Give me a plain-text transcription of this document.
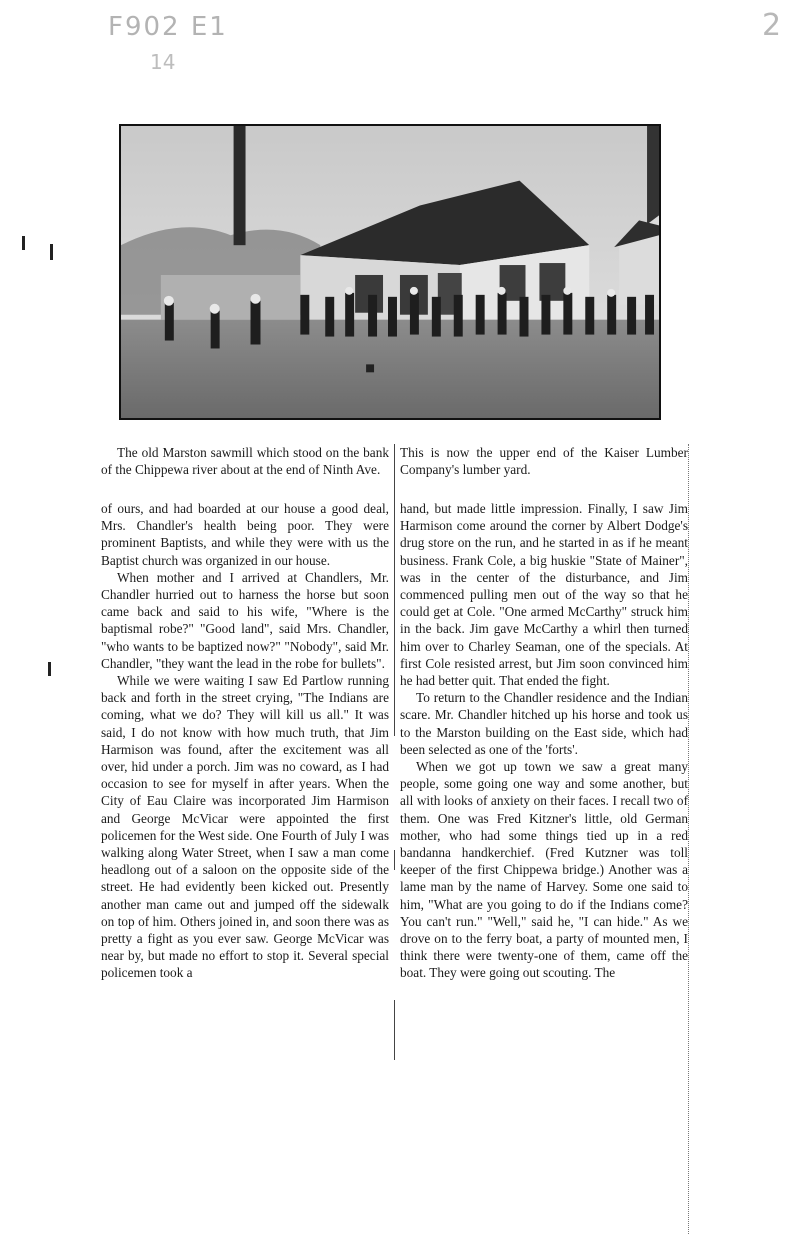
F902 E1
14
2

The old Marston sawmill which stood on the bank of the Chippewa river about at the end of Ninth Ave.

This is now the upper end of the Kaiser Lumber Company's lumber yard.

of ours, and had boarded at our house a good deal, Mrs. Chandler's health being poor. They were prominent Baptists, and while they were with us the Baptist church was organized in our house.

When mother and I arrived at Chandlers, Mr. Chandler hurried out to harness the horse but soon came back and said to his wife, "Where is the baptismal robe?" "Good land", said Mrs. Chandler, "who wants to be baptized now?" "Nobody", said Mr. Chandler, "they want the lead in the robe for bullets".

While we were waiting I saw Ed Partlow running back and forth in the street crying, "The Indians are coming, what we do? They will kill us all." It was said, I do not know with how much truth, that Jim Harmison was found, after the excitement was all over, hid under a porch. Jim was no coward, as I had occasion to see for myself in after years. When the City of Eau Claire was incorporated Jim Harmison and George McVicar were appointed the first policemen for the West side. One Fourth of July I was walking along Water Street, when I saw a man come headlong out of a saloon on the opposite side of the street. He had evidently been kicked out. Presently another man came out and jumped off the sidewalk on top of him. Others joined in, and soon there was as pretty a fight as you ever saw. George McVicar was near by, but made no effort to stop it. Several special policemen took a

hand, but made little impression. Finally, I saw Jim Harmison come around the corner by Albert Dodge's drug store on the run, and he started in as if he meant business. Frank Cole, a big huskie "State of Mainer", was in the center of the disturbance, and Jim commenced pulling men out of the way so that he could get at Cole. "One armed McCarthy" struck him in the back. Jim gave McCarthy a whirl then turned him over to Charley Seaman, one of the specials. At first Cole resisted arrest, but Jim soon convinced him he had better quit. That ended the fight.

To return to the Chandler residence and the Indian scare. Mr. Chandler hitched up his horse and took us to the Marston building on the East side, which had been selected as one of the 'forts'.

When we got up town we saw a great many people, some going one way and some another, but all with looks of anxiety on their faces. I recall two of them. One was Fred Kitzner's little, old German mother, who had some things tied up in a red bandanna handkerchief. (Fred Kutzner was toll keeper of the first Chippewa bridge.) Another was a lame man by the name of Harvey. Some one said to him, "What are you going to do if the Indians come? You can't run." "Well," said he, "I can hide." As we drove on to the ferry boat, a party of mounted men, I think there were twenty-one of them, came off the boat. They were going out scouting. The
